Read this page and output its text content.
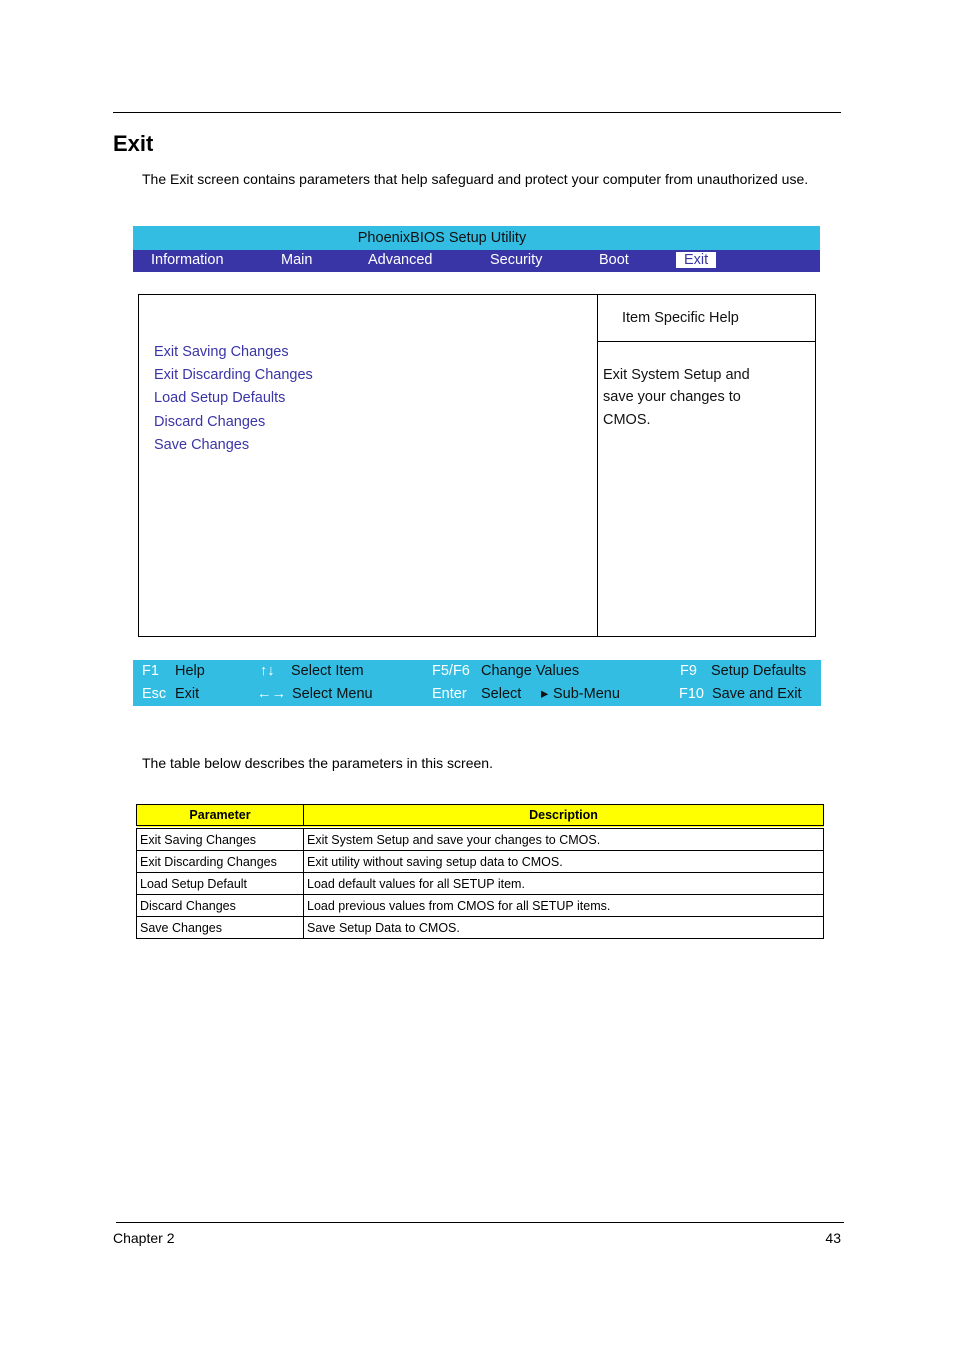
Exit
The Exit screen contains parameters that help safeguard and protect your computer from unauthorized use.
PhoenixBIOS Setup Utility
Information	Main	Advanced	Security	Boot	Exit
Exit Saving Changes
Exit Discarding Changes
Load Setup Defaults
Discard Changes
Save Changes
Item Specific Help
Exit System Setup and
save your changes to
CMOS.
F1 Help	↑↓ Select Item	F5/F6 Change Values	F9 Setup Defaults
Esc Exit	←→ Select Menu	Enter Select ▸ Sub-Menu	F10 Save and Exit
The table below describes the parameters in this screen.
Parameter	Description
Exit Saving Changes	Exit System Setup and save your changes to CMOS.
Exit Discarding Changes	Exit utility without saving setup data to CMOS.
Load Setup Default	Load default values for all SETUP item.
Discard Changes	Load previous values from CMOS for all SETUP items.
Save Changes	Save Setup Data to CMOS.
Chapter 2	43
